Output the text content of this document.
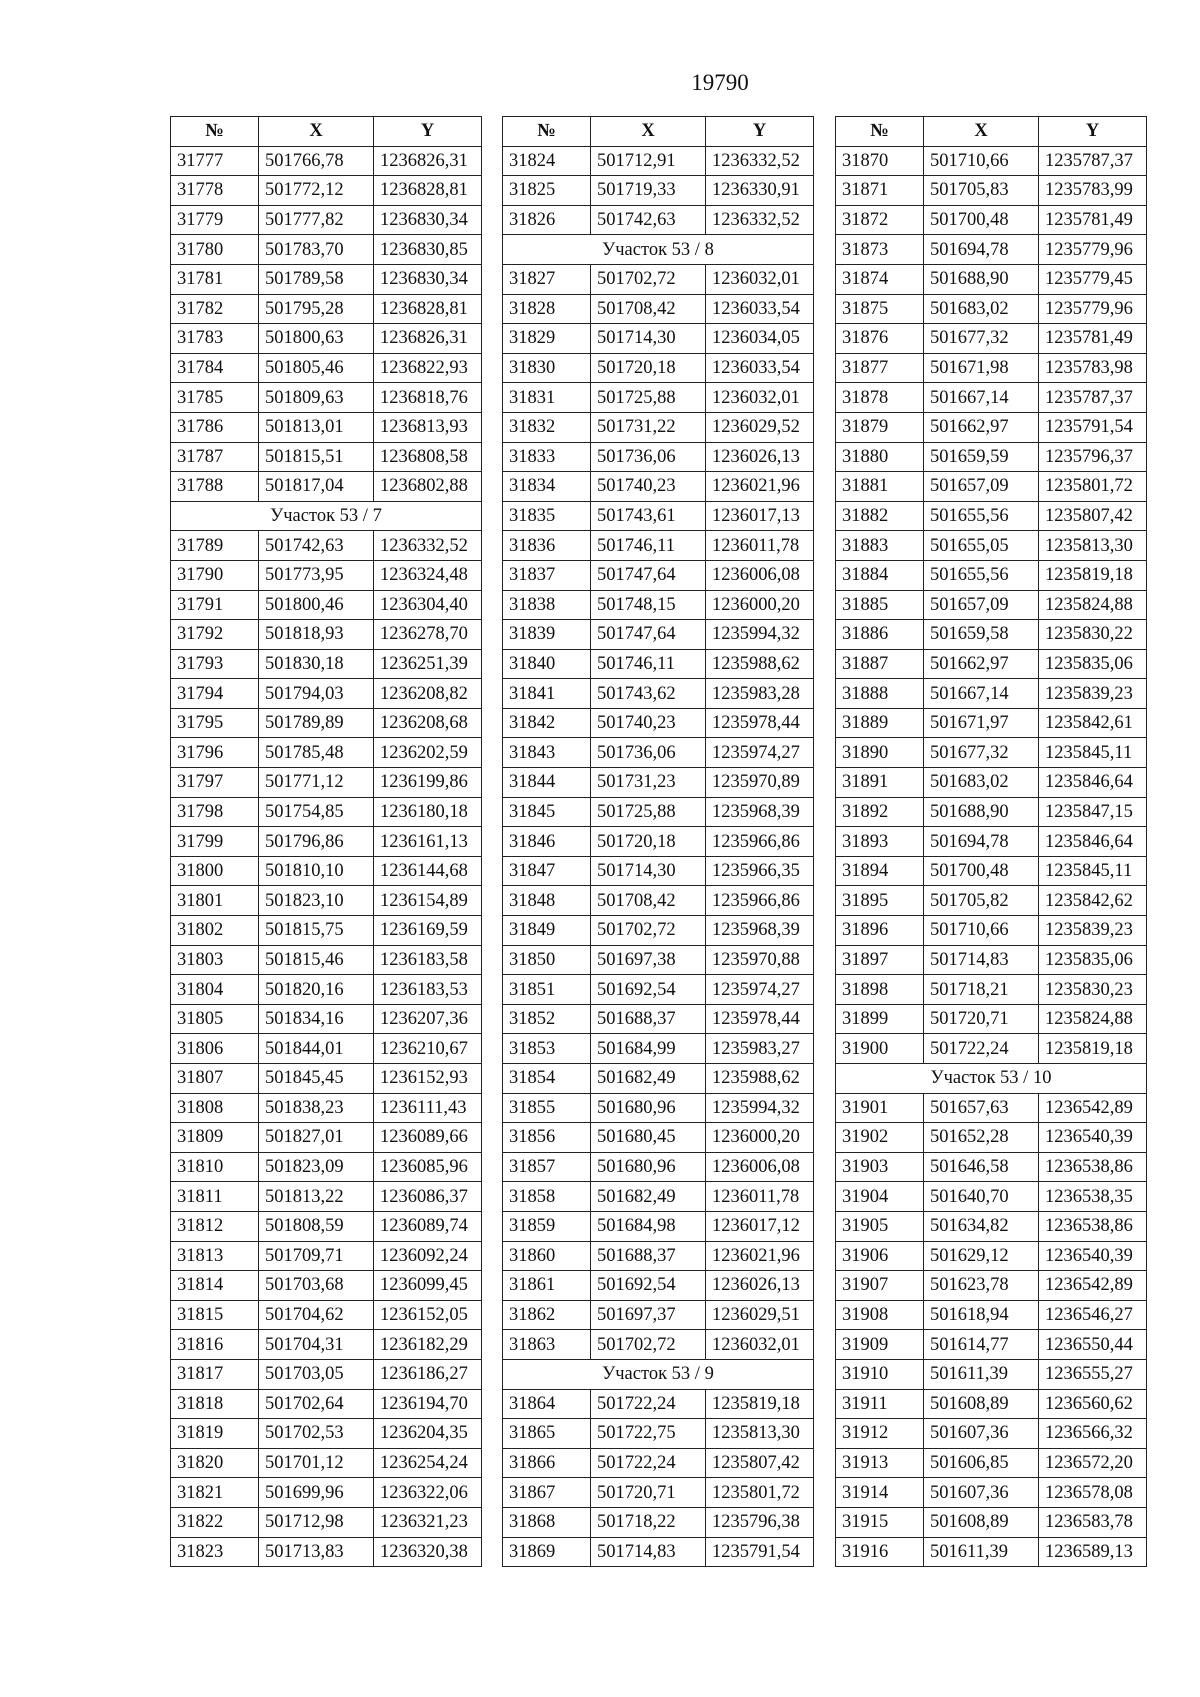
19790
№	X	Y
31777	501766,78	1236826,31
31778	501772,12	1236828,81
31779	501777,82	1236830,34
31780	501783,70	1236830,85
31781	501789,58	1236830,34
31782	501795,28	1236828,81
31783	501800,63	1236826,31
31784	501805,46	1236822,93
31785	501809,63	1236818,76
31786	501813,01	1236813,93
31787	501815,51	1236808,58
31788	501817,04	1236802,88
Участок 53 / 7		
31789	501742,63	1236332,52
31790	501773,95	1236324,48
31791	501800,46	1236304,40
31792	501818,93	1236278,70
31793	501830,18	1236251,39
31794	501794,03	1236208,82
31795	501789,89	1236208,68
31796	501785,48	1236202,59
31797	501771,12	1236199,86
31798	501754,85	1236180,18
31799	501796,86	1236161,13
31800	501810,10	1236144,68
31801	501823,10	1236154,89
31802	501815,75	1236169,59
31803	501815,46	1236183,58
31804	501820,16	1236183,53
31805	501834,16	1236207,36
31806	501844,01	1236210,67
31807	501845,45	1236152,93
31808	501838,23	1236111,43
31809	501827,01	1236089,66
31810	501823,09	1236085,96
31811	501813,22	1236086,37
31812	501808,59	1236089,74
31813	501709,71	1236092,24
31814	501703,68	1236099,45
31815	501704,62	1236152,05
31816	501704,31	1236182,29
31817	501703,05	1236186,27
31818	501702,64	1236194,70
31819	501702,53	1236204,35
31820	501701,12	1236254,24
31821	501699,96	1236322,06
31822	501712,98	1236321,23
31823	501713,83	1236320,38
№	X	Y
31824	501712,91	1236332,52
31825	501719,33	1236330,91
31826	501742,63	1236332,52
Участок 53 / 8		
31827	501702,72	1236032,01
31828	501708,42	1236033,54
31829	501714,30	1236034,05
31830	501720,18	1236033,54
31831	501725,88	1236032,01
31832	501731,22	1236029,52
31833	501736,06	1236026,13
31834	501740,23	1236021,96
31835	501743,61	1236017,13
31836	501746,11	1236011,78
31837	501747,64	1236006,08
31838	501748,15	1236000,20
31839	501747,64	1235994,32
31840	501746,11	1235988,62
31841	501743,62	1235983,28
31842	501740,23	1235978,44
31843	501736,06	1235974,27
31844	501731,23	1235970,89
31845	501725,88	1235968,39
31846	501720,18	1235966,86
31847	501714,30	1235966,35
31848	501708,42	1235966,86
31849	501702,72	1235968,39
31850	501697,38	1235970,88
31851	501692,54	1235974,27
31852	501688,37	1235978,44
31853	501684,99	1235983,27
31854	501682,49	1235988,62
31855	501680,96	1235994,32
31856	501680,45	1236000,20
31857	501680,96	1236006,08
31858	501682,49	1236011,78
31859	501684,98	1236017,12
31860	501688,37	1236021,96
31861	501692,54	1236026,13
31862	501697,37	1236029,51
31863	501702,72	1236032,01
Участок 53 / 9		
31864	501722,24	1235819,18
31865	501722,75	1235813,30
31866	501722,24	1235807,42
31867	501720,71	1235801,72
31868	501718,22	1235796,38
31869	501714,83	1235791,54
№	X	Y
31870	501710,66	1235787,37
31871	501705,83	1235783,99
31872	501700,48	1235781,49
31873	501694,78	1235779,96
31874	501688,90	1235779,45
31875	501683,02	1235779,96
31876	501677,32	1235781,49
31877	501671,98	1235783,98
31878	501667,14	1235787,37
31879	501662,97	1235791,54
31880	501659,59	1235796,37
31881	501657,09	1235801,72
31882	501655,56	1235807,42
31883	501655,05	1235813,30
31884	501655,56	1235819,18
31885	501657,09	1235824,88
31886	501659,58	1235830,22
31887	501662,97	1235835,06
31888	501667,14	1235839,23
31889	501671,97	1235842,61
31890	501677,32	1235845,11
31891	501683,02	1235846,64
31892	501688,90	1235847,15
31893	501694,78	1235846,64
31894	501700,48	1235845,11
31895	501705,82	1235842,62
31896	501710,66	1235839,23
31897	501714,83	1235835,06
31898	501718,21	1235830,23
31899	501720,71	1235824,88
31900	501722,24	1235819,18
Участок 53 / 10		
31901	501657,63	1236542,89
31902	501652,28	1236540,39
31903	501646,58	1236538,86
31904	501640,70	1236538,35
31905	501634,82	1236538,86
31906	501629,12	1236540,39
31907	501623,78	1236542,89
31908	501618,94	1236546,27
31909	501614,77	1236550,44
31910	501611,39	1236555,27
31911	501608,89	1236560,62
31912	501607,36	1236566,32
31913	501606,85	1236572,20
31914	501607,36	1236578,08
31915	501608,89	1236583,78
31916	501611,39	1236589,13
